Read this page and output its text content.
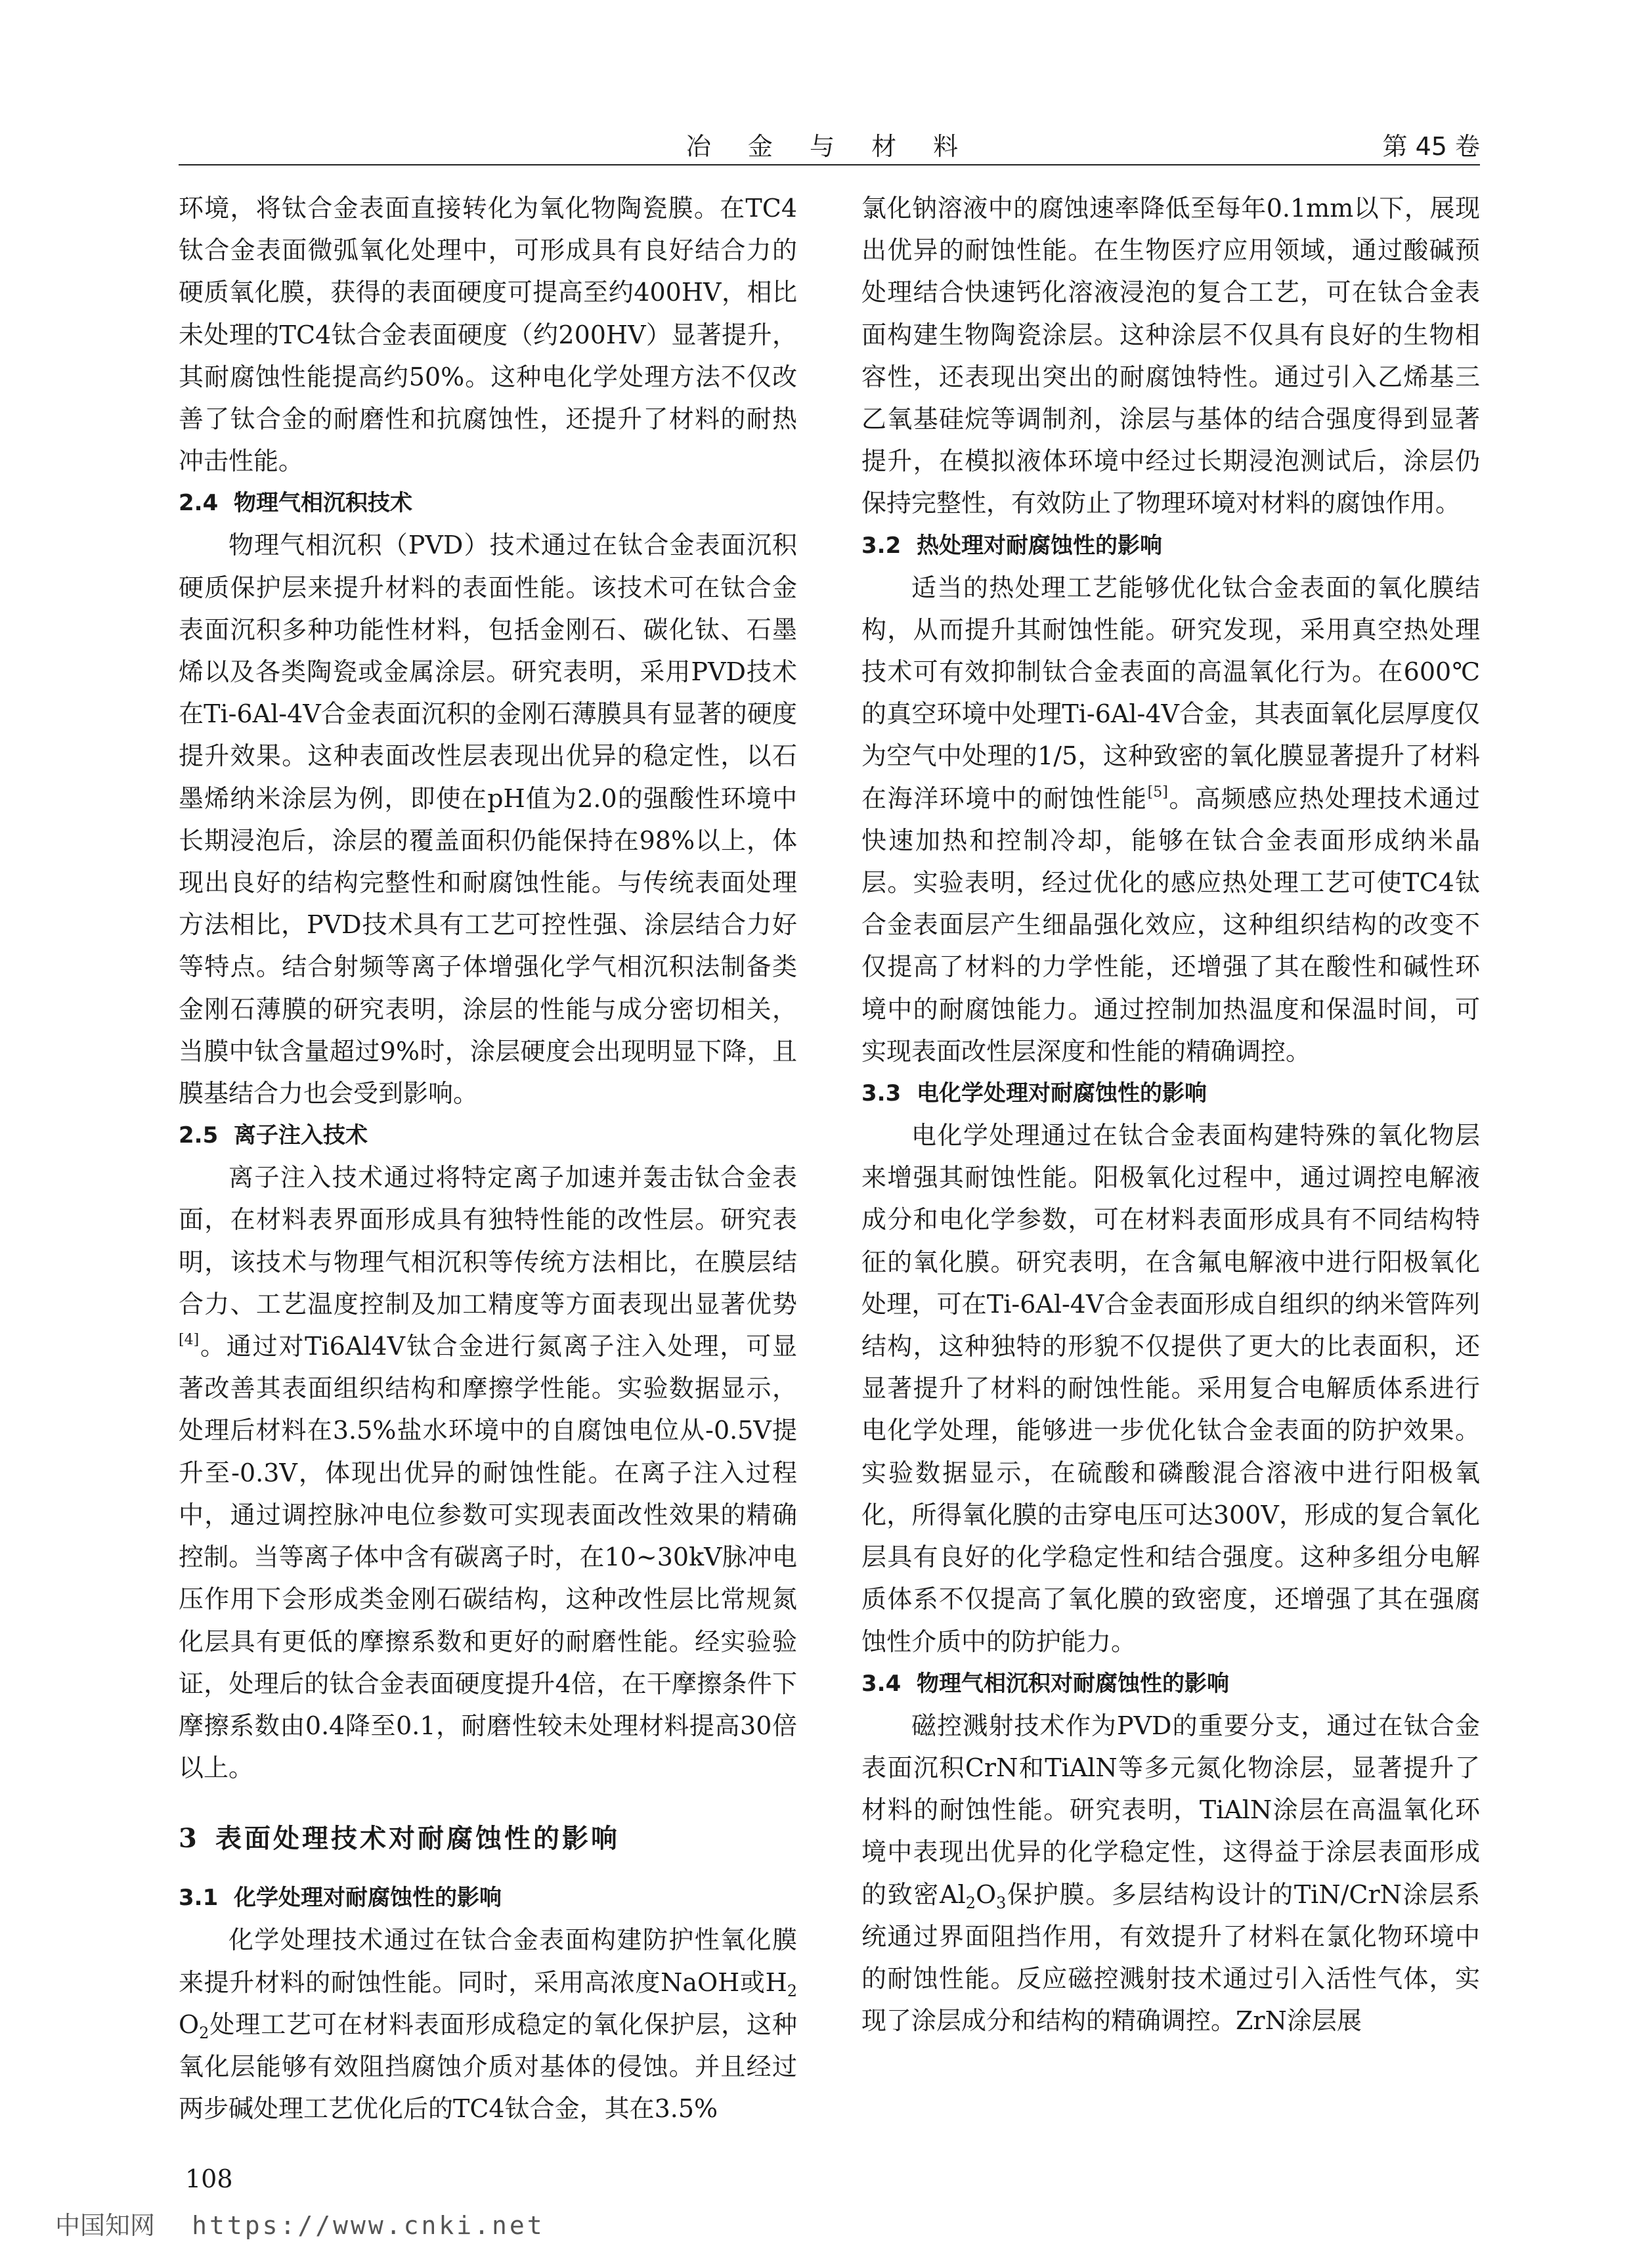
冶 金 与 材 料	第 45 卷

环境，将钛合金表面直接转化为氧化物陶瓷膜。在TC4钛合金表面微弧氧化处理中，可形成具有良好结合力的硬质氧化膜，获得的表面硬度可提高至约400HV，相比未处理的TC4钛合金表面硬度（约200HV）显著提升，其耐腐蚀性能提高约50%。这种电化学处理方法不仅改善了钛合金的耐磨性和抗腐蚀性，还提升了材料的耐热冲击性能。

2.4 物理气相沉积技术

物理气相沉积（PVD）技术通过在钛合金表面沉积硬质保护层来提升材料的表面性能。该技术可在钛合金表面沉积多种功能性材料，包括金刚石、碳化钛、石墨烯以及各类陶瓷或金属涂层。研究表明，采用PVD技术在Ti-6Al-4V合金表面沉积的金刚石薄膜具有显著的硬度提升效果。这种表面改性层表现出优异的稳定性，以石墨烯纳米涂层为例，即使在pH值为2.0的强酸性环境中长期浸泡后，涂层的覆盖面积仍能保持在98%以上，体现出良好的结构完整性和耐腐蚀性能。与传统表面处理方法相比，PVD技术具有工艺可控性强、涂层结合力好等特点。结合射频等离子体增强化学气相沉积法制备类金刚石薄膜的研究表明，涂层的性能与成分密切相关，当膜中钛含量超过9%时，涂层硬度会出现明显下降，且膜基结合力也会受到影响。

2.5 离子注入技术

离子注入技术通过将特定离子加速并轰击钛合金表面，在材料表界面形成具有独特性能的改性层。研究表明，该技术与物理气相沉积等传统方法相比，在膜层结合力、工艺温度控制及加工精度等方面表现出显著优势[4]。通过对Ti6Al4V钛合金进行氮离子注入处理，可显著改善其表面组织结构和摩擦学性能。实验数据显示，处理后材料在3.5%盐水环境中的自腐蚀电位从-0.5V提升至-0.3V，体现出优异的耐蚀性能。在离子注入过程中，通过调控脉冲电位参数可实现表面改性效果的精确控制。当等离子体中含有碳离子时，在10~30kV脉冲电压作用下会形成类金刚石碳结构，这种改性层比常规氮化层具有更低的摩擦系数和更好的耐磨性能。经实验验证，处理后的钛合金表面硬度提升4倍，在干摩擦条件下摩擦系数由0.4降至0.1，耐磨性较未处理材料提高30倍以上。

3 表面处理技术对耐腐蚀性的影响
3.1 化学处理对耐腐蚀性的影响

化学处理技术通过在钛合金表面构建防护性氧化膜来提升材料的耐蚀性能。同时，采用高浓度NaOH或$H_2O_2$处理工艺可在材料表面形成稳定的氧化保护层，这种氧化层能够有效阻挡腐蚀介质对基体的侵蚀。并且经过两步碱处理工艺优化后的TC4钛合金，其在3.5%

氯化钠溶液中的腐蚀速率降低至每年0.1mm以下，展现出优异的耐蚀性能。在生物医疗应用领域，通过酸碱预处理结合快速钙化溶液浸泡的复合工艺，可在钛合金表面构建生物陶瓷涂层。这种涂层不仅具有良好的生物相容性，还表现出突出的耐腐蚀特性。通过引入乙烯基三乙氧基硅烷等调制剂，涂层与基体的结合强度得到显著提升，在模拟液体环境中经过长期浸泡测试后，涂层仍保持完整性，有效防止了物理环境对材料的腐蚀作用。

3.2 热处理对耐腐蚀性的影响

适当的热处理工艺能够优化钛合金表面的氧化膜结构，从而提升其耐蚀性能。研究发现，采用真空热处理技术可有效抑制钛合金表面的高温氧化行为。在600℃的真空环境中处理Ti-6Al-4V合金，其表面氧化层厚度仅为空气中处理的1/5，这种致密的氧化膜显著提升了材料在海洋环境中的耐蚀性能[5]。高频感应热处理技术通过快速加热和控制冷却，能够在钛合金表面形成纳米晶层。实验表明，经过优化的感应热处理工艺可使TC4钛合金表面层产生细晶强化效应，这种组织结构的改变不仅提高了材料的力学性能，还增强了其在酸性和碱性环境中的耐腐蚀能力。通过控制加热温度和保温时间，可实现表面改性层深度和性能的精确调控。

3.3 电化学处理对耐腐蚀性的影响

电化学处理通过在钛合金表面构建特殊的氧化物层来增强其耐蚀性能。阳极氧化过程中，通过调控电解液成分和电化学参数，可在材料表面形成具有不同结构特征的氧化膜。研究表明，在含氟电解液中进行阳极氧化处理，可在Ti-6Al-4V合金表面形成自组织的纳米管阵列结构，这种独特的形貌不仅提供了更大的比表面积，还显著提升了材料的耐蚀性能。采用复合电解质体系进行电化学处理，能够进一步优化钛合金表面的防护效果。实验数据显示，在硫酸和磷酸混合溶液中进行阳极氧化，所得氧化膜的击穿电压可达300V，形成的复合氧化层具有良好的化学稳定性和结合强度。这种多组分电解质体系不仅提高了氧化膜的致密度，还增强了其在强腐蚀性介质中的防护能力。

3.4 物理气相沉积对耐腐蚀性的影响

磁控溅射技术作为PVD的重要分支，通过在钛合金表面沉积CrN和TiAlN等多元氮化物涂层，显著提升了材料的耐蚀性能。研究表明，TiAlN涂层在高温氧化环境中表现出优异的化学稳定性，这得益于涂层表面形成的致密$Al_2O_3$保护膜。多层结构设计的TiN/CrN涂层系统通过界面阻挡作用，有效提升了材料在氯化物环境中的耐蚀性能。反应磁控溅射技术通过引入活性气体，实现了涂层成分和结构的精确调控。ZrN涂层展

108
中国知网 https://www.cnki.net
